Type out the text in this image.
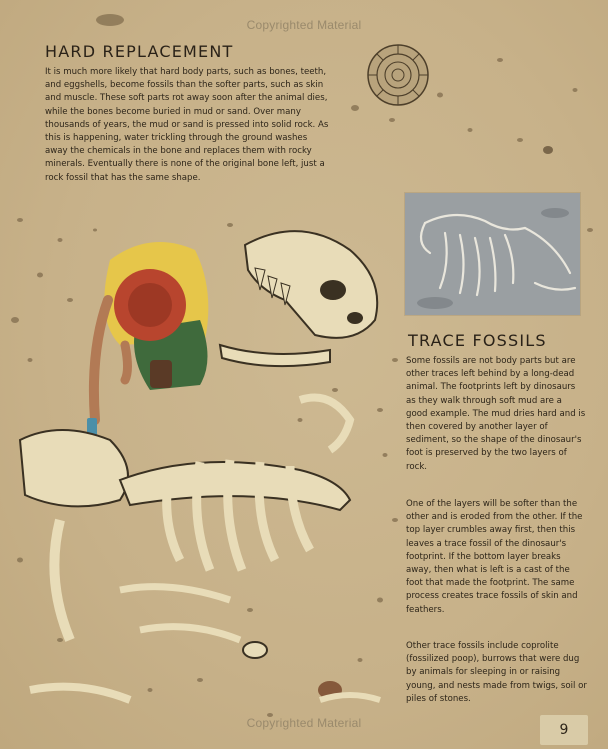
Copyrighted Material
HARD REPLACEMENT

It is much more likely that hard body parts, such as bones, teeth, and eggshells, become fossils than the softer parts, such as skin and muscle. These soft parts rot away soon after the animal dies, while the bones become buried in mud or sand. Over many thousands of years, the mud or sand is pressed into solid rock. As this is happening, water trickling through the ground washes away the chemicals in the bone and replaces them with rocky minerals. Eventually there is none of the original bone left, just a rock fossil that has the same shape.

TRACE FOSSILS

Some fossils are not body parts but are other traces left behind by a long-dead animal. The footprints left by dinosaurs as they walk through soft mud are a good example. The mud dries hard and is then covered by another layer of sediment, so the shape of the dinosaur's foot is preserved by the two layers of rock.

One of the layers will be softer than the other and is eroded from the other. If the top layer crumbles away first, then this leaves a trace fossil of the dinosaur's footprint. If the bottom layer breaks away, then what is left is a cast of the foot that made the footprint. The same process creates trace fossils of skin and feathers.

Other trace fossils include coprolite (fossilized poop), burrows that were dug by animals for sleeping in or raising young, and nests made from twigs, soil or piles of stones.

Copyrighted Material	9
